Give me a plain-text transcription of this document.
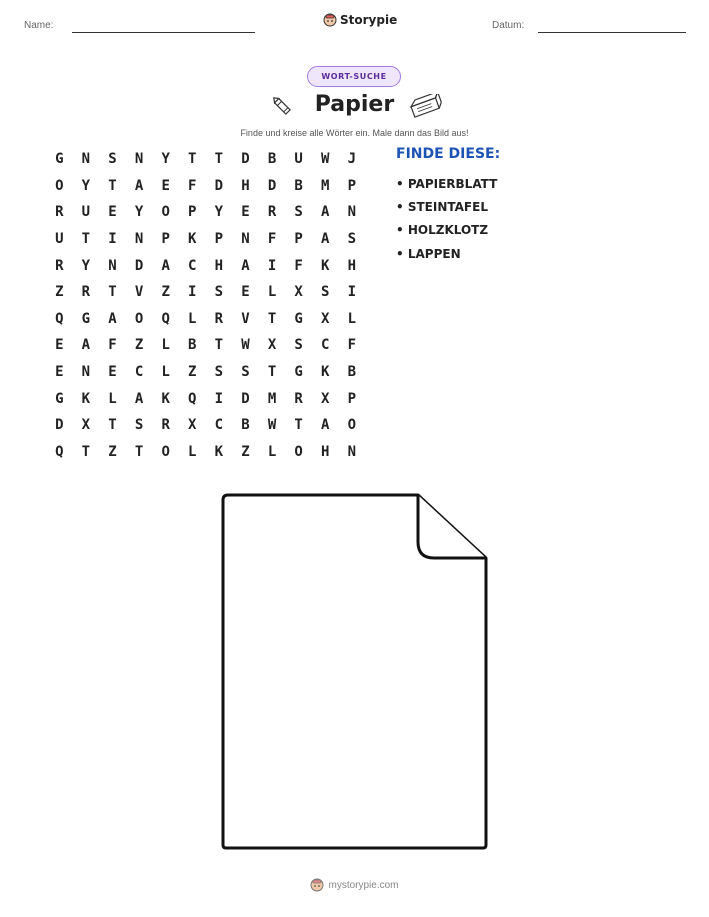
Name:	Storypie	Datum:
WORT-SUCHE
Papier
Finde und kreise alle Wörter ein. Male dann das Bild aus!
G	N	S	N	Y	T	T	D	B	U	W	J
O	Y	T	A	E	F	D	H	D	B	M	P
R	U	E	Y	O	P	Y	E	R	S	A	N
U	T	I	N	P	K	P	N	F	P	A	S
R	Y	N	D	A	C	H	A	I	F	K	H
Z	R	T	V	Z	I	S	E	L	X	S	I
Q	G	A	O	Q	L	R	V	T	G	X	L
E	A	F	Z	L	B	T	W	X	S	C	F
E	N	E	C	L	Z	S	S	T	G	K	B
G	K	L	A	K	Q	I	D	M	R	X	P
D	X	T	S	R	X	C	B	W	T	A	O
Q	T	Z	T	O	L	K	Z	L	O	H	N
FINDE DIESE:
• PAPIERBLATT
• STEINTAFEL
• HOLZKLOTZ
• LAPPEN
mystorypie.com
